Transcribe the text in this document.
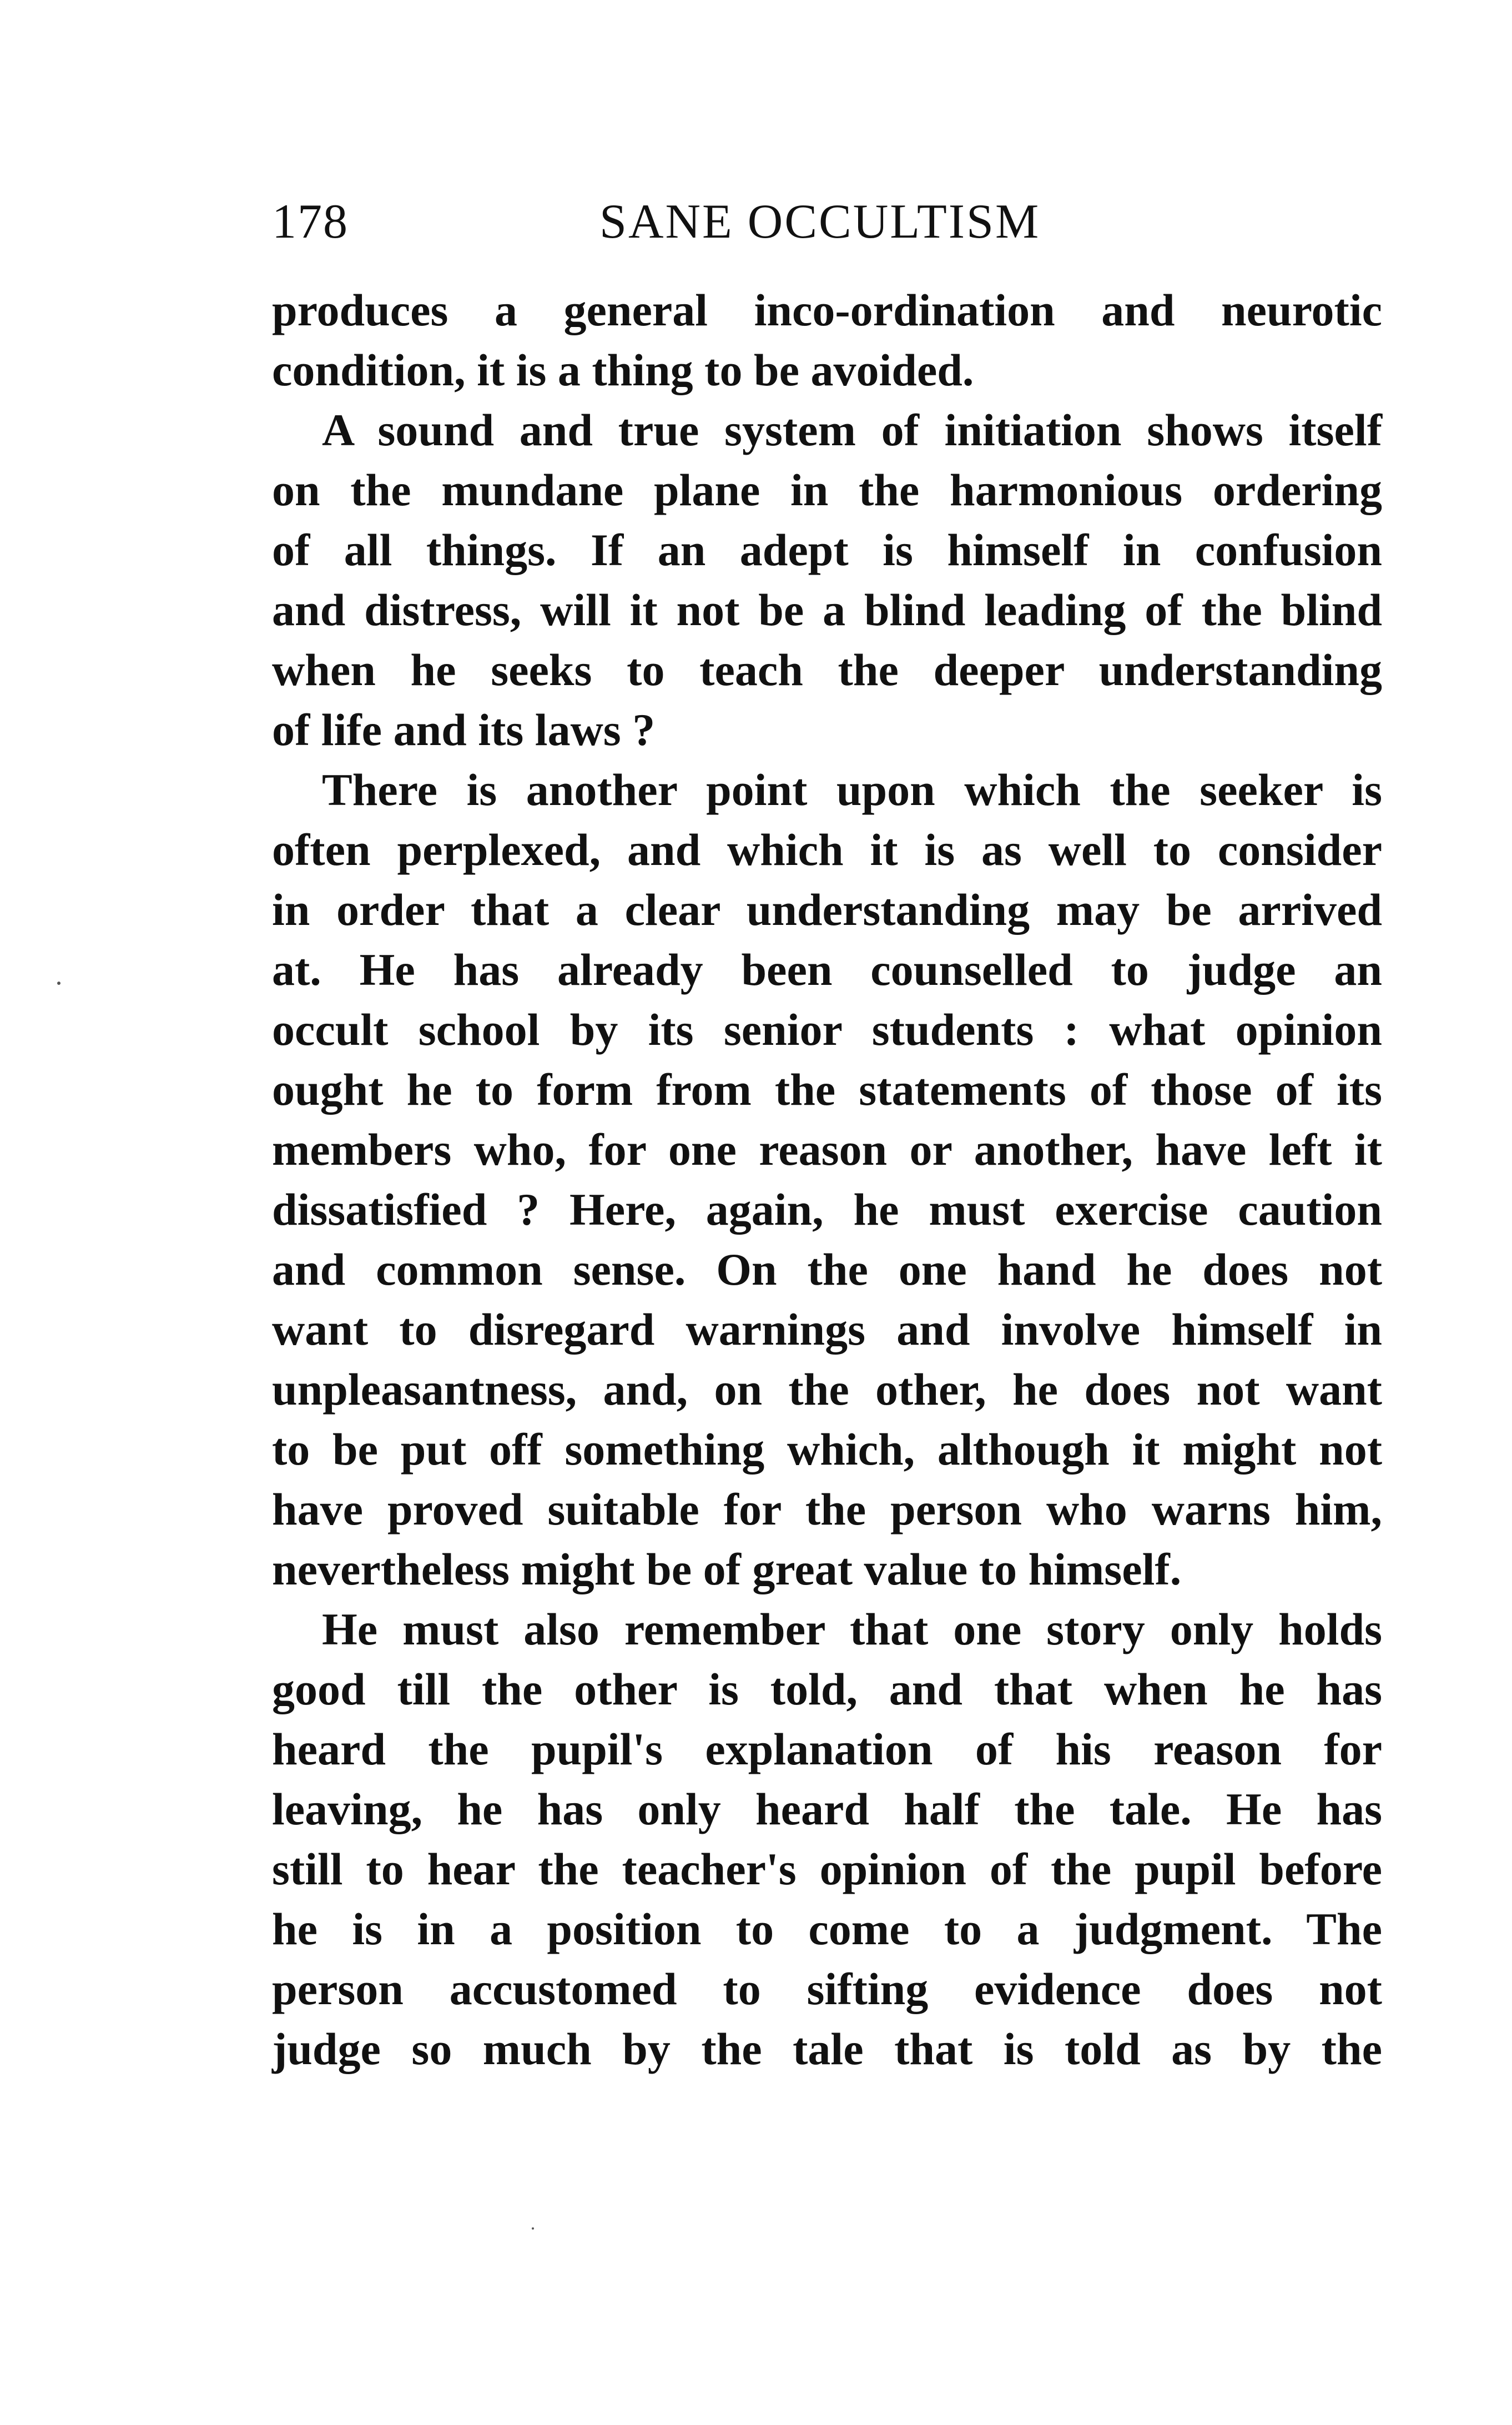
178	SANE OCCULTISM
produces a general inco-ordination and neurotic
condition, it is a thing to be avoided.
A sound and true system of initiation shows itself
on the mundane plane in the harmonious ordering
of all things. If an adept is himself in confusion
and distress, will it not be a blind leading of the blind
when he seeks to teach the deeper understanding
of life and its laws ?
There is another point upon which the seeker is
often perplexed, and which it is as well to consider
in order that a clear understanding may be arrived
at. He has already been counselled to judge an
occult school by its senior students : what opinion
ought he to form from the statements of those of its
members who, for one reason or another, have left it
dissatisfied ? Here, again, he must exercise caution
and common sense. On the one hand he does not
want to disregard warnings and involve himself in
unpleasantness, and, on the other, he does not want
to be put off something which, although it might not
have proved suitable for the person who warns him,
nevertheless might be of great value to himself.
He must also remember that one story only holds
good till the other is told, and that when he has
heard the pupil's explanation of his reason for
leaving, he has only heard half the tale. He has
still to hear the teacher's opinion of the pupil before
he is in a position to come to a judgment. The
person accustomed to sifting evidence does not
judge so much by the tale that is told as by the
